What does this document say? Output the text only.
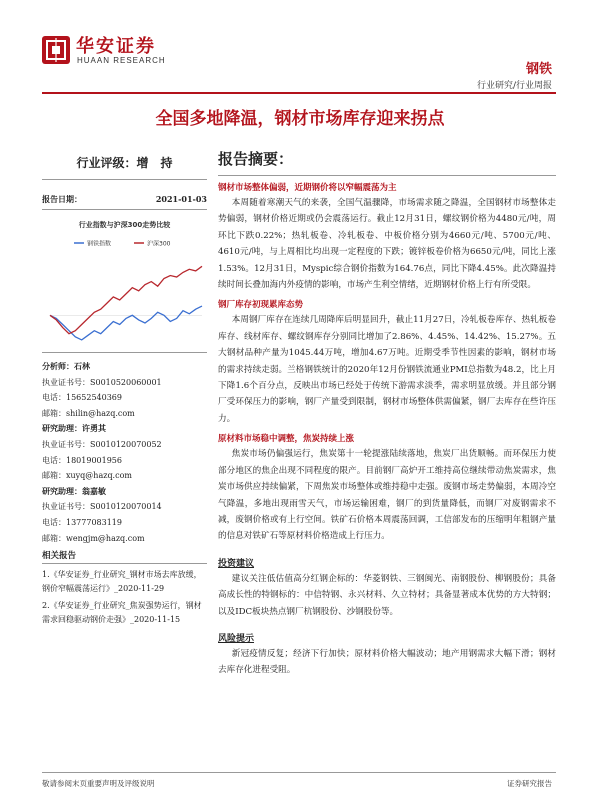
华安证券
HUAAN RESEARCH
钢铁
行业研究/行业周报
全国多地降温，钢材市场库存迎来拐点
行业评级：增　持
报告日期：	2021-01-03
行业指数与沪深300走势比较
钢铁指数	沪深300
分析师：石林
执业证书号：S0010520060001
电话：15652540369
邮箱：shilin@hazq.com
研究助理：许勇其
执业证书号：S0010120070052
电话：18019001956
邮箱：xuyq@hazq.com
研究助理：翁嘉敏
执业证书号：S0010120070014
电话：13777083119
邮箱：wengjm@hazq.com
相关报告
1.《华安证券_行业研究_钢材市场去库放缓，钢价窄幅震荡运行》_2020-11-29
2.《华安证券_行业研究_焦炭强势运行，钢材需求回稳驱动钢价走强》_2020-11-15
报告摘要：
钢材市场整体偏弱，近期钢价将以窄幅震荡为主

本周随着寒潮天气的来袭，全国气温骤降，市场需求随之降温，全国钢材市场整体走势偏弱，钢材价格近期或仍会震荡运行。截止12月31日，螺纹钢价格为4480元/吨，周环比下跌0.22%；热轧板卷、冷轧板卷、中板价格分别为4660元/吨、5700元/吨、4610元/吨，与上周相比均出现一定程度的下跌；镀锌板卷价格为6650元/吨，同比上涨1.53%。12月31日，Myspic综合钢价指数为164.76点，同比下降4.45%。此次降温持续时间长叠加海内外疫情的影响，市场产生利空情绪，近期钢材价格上行有所受限。

钢厂库存初现累库态势

本周钢厂库存在连续几周降库后明显回升，截止11月27日，冷轧板卷库存、热轧板卷库存、线材库存、螺纹钢库存分别同比增加了2.86%、4.45%、14.42%、15.27%。五大钢材品种产量为1045.44万吨，增加4.67万吨。近期受季节性因素的影响，钢材市场的需求持续走弱。兰格钢铁统计的2020年12月份钢铁流通业PMI总指数为48.2，比上月下降1.6个百分点，反映出市场已经处于传统下游需求淡季，需求明显放缓。并且部分钢厂受环保压力的影响，钢厂产量受到限制，钢材市场整体供需偏紧，钢厂去库存在些许压力。

原材料市场稳中调整，焦炭持续上涨

焦炭市场仍偏强运行，焦炭第十一轮提涨陆续落地，焦炭厂出货顺畅。而环保压力使部分地区的焦企出现不同程度的限产。目前钢厂高炉开工维持高位继续带动焦炭需求，焦炭市场供应持续偏紧，下周焦炭市场整体或维持稳中走强。废钢市场走势偏弱，本周冷空气降温，多地出现雨雪天气，市场运输困难，钢厂的到货量降低，而钢厂对废钢需求不减，废钢价格或有上行空间。铁矿石价格本周震荡回调，工信部发布的压缩明年粗钢产量的信息对铁矿石等原材料价格造成上行压力。

投资建议

建议关注低估值高分红钢企标的：华菱钢铁、三钢闽光、南钢股份、柳钢股份；具备高成长性的特钢标的：中信特钢、永兴材料、久立特材；具备显著成本优势的方大特钢；以及IDC板块热点钢厂杭钢股份、沙钢股份等。

风险提示

新冠疫情反复；经济下行加快；原材料价格大幅波动；地产用钢需求大幅下滑；钢材去库存化进程受阻。

敬请参阅末页重要声明及评级说明	证券研究报告
